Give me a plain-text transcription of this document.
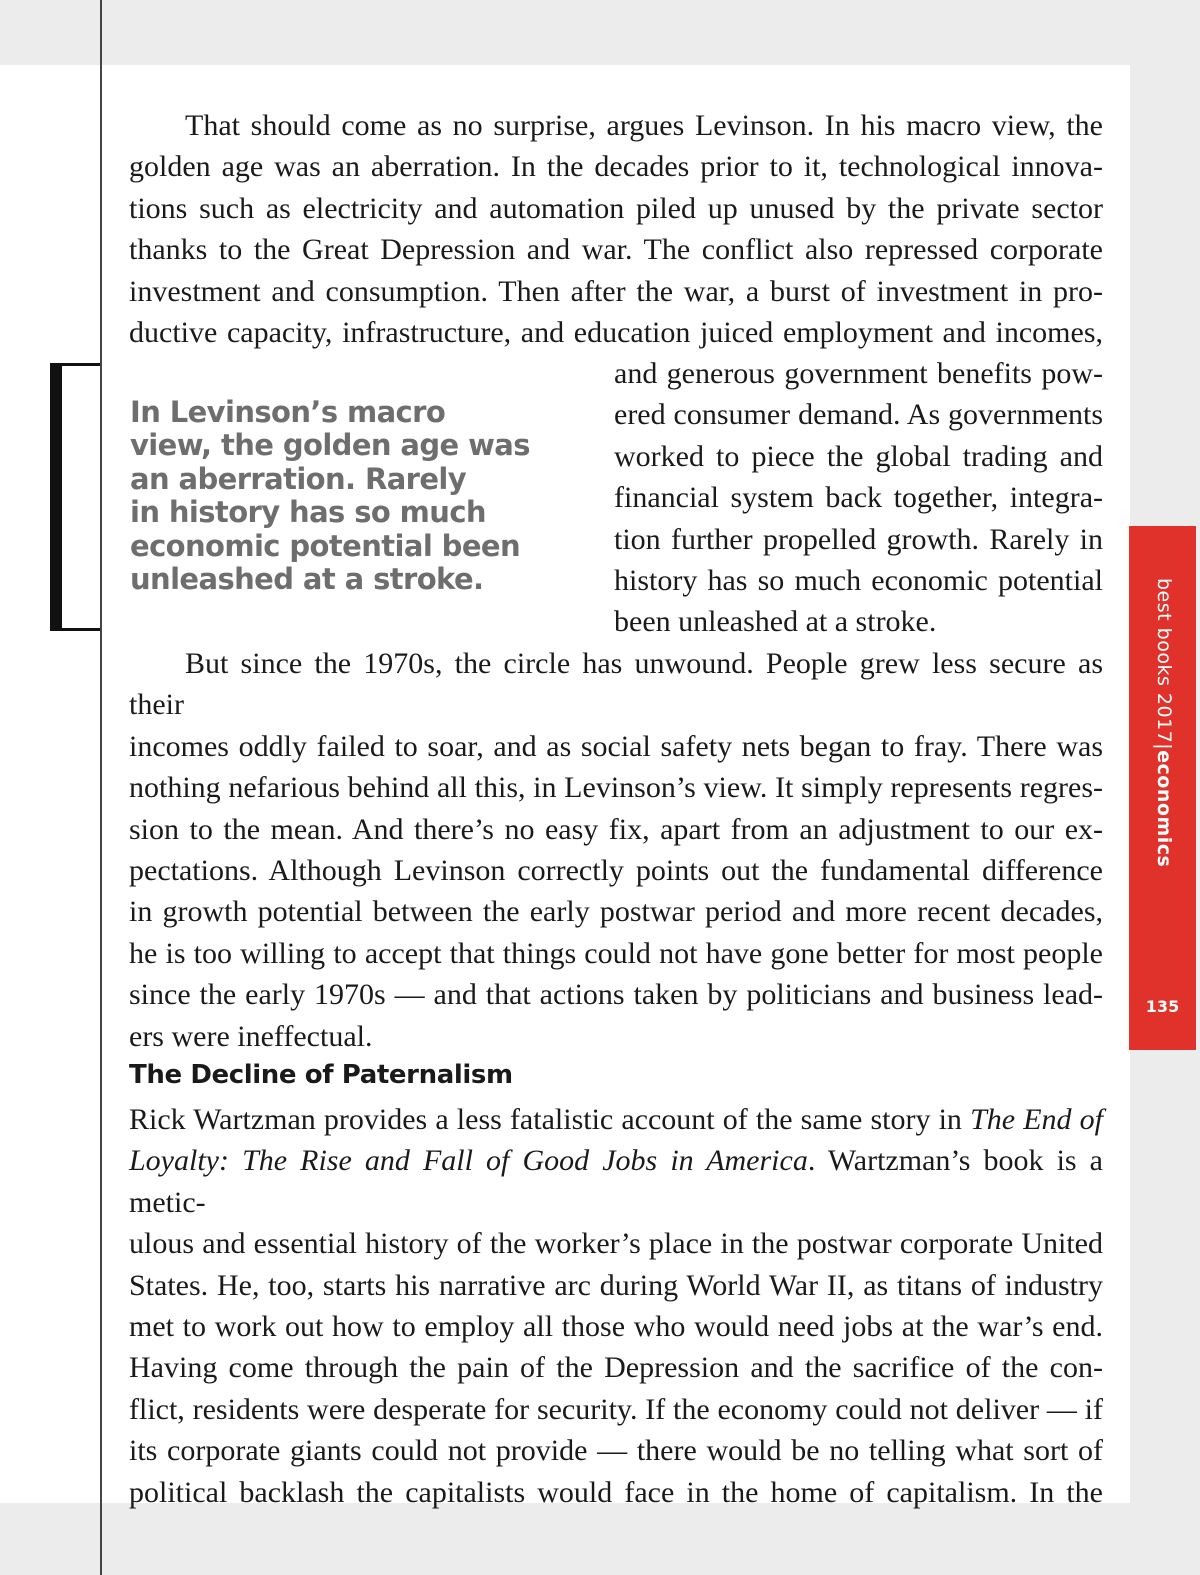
That should come as no surprise, argues Levinson. In his macro view, the
golden age was an aberration. In the decades prior to it, technological innova-
tions such as electricity and automation piled up unused by the private sector
thanks to the Great Depression and war. The conflict also repressed corporate
investment and consumption. Then after the war, a burst of investment in pro-
ductive capacity, infrastructure, and education juiced employment and incomes,

and generous government benefits pow-
ered consumer demand. As governments
worked to piece the global trading and
financial system back together, integra-
tion further propelled growth. Rarely in
history has so much economic potential
been unleashed at a stroke.

In Levinson’s macro
view, the golden age was
an aberration. Rarely
in history has so much
economic potential been
unleashed at a stroke.

But since the 1970s, the circle has unwound. People grew less secure as their
incomes oddly failed to soar, and as social safety nets began to fray. There was
nothing nefarious behind all this, in Levinson’s view. It simply represents regres-
sion to the mean. And there’s no easy fix, apart from an adjustment to our ex-
pectations. Although Levinson correctly points out the fundamental difference
in growth potential between the early postwar period and more recent decades,
he is too willing to accept that things could not have gone better for most people
since the early 1970s — and that actions taken by politicians and business lead-
ers were ineffectual.

The Decline of Paternalism

Rick Wartzman provides a less fatalistic account of the same story in The End of
Loyalty: The Rise and Fall of Good Jobs in America. Wartzman’s book is a metic-
ulous and essential history of the worker’s place in the postwar corporate United
States. He, too, starts his narrative arc during World War II, as titans of industry
met to work out how to employ all those who would need jobs at the war’s end.
Having come through the pain of the Depression and the sacrifice of the con-
flict, residents were desperate for security. If the economy could not deliver — if
its corporate giants could not provide — there would be no telling what sort of
political backlash the capitalists would face in the home of capitalism. In the

best books 2017|economics
135
